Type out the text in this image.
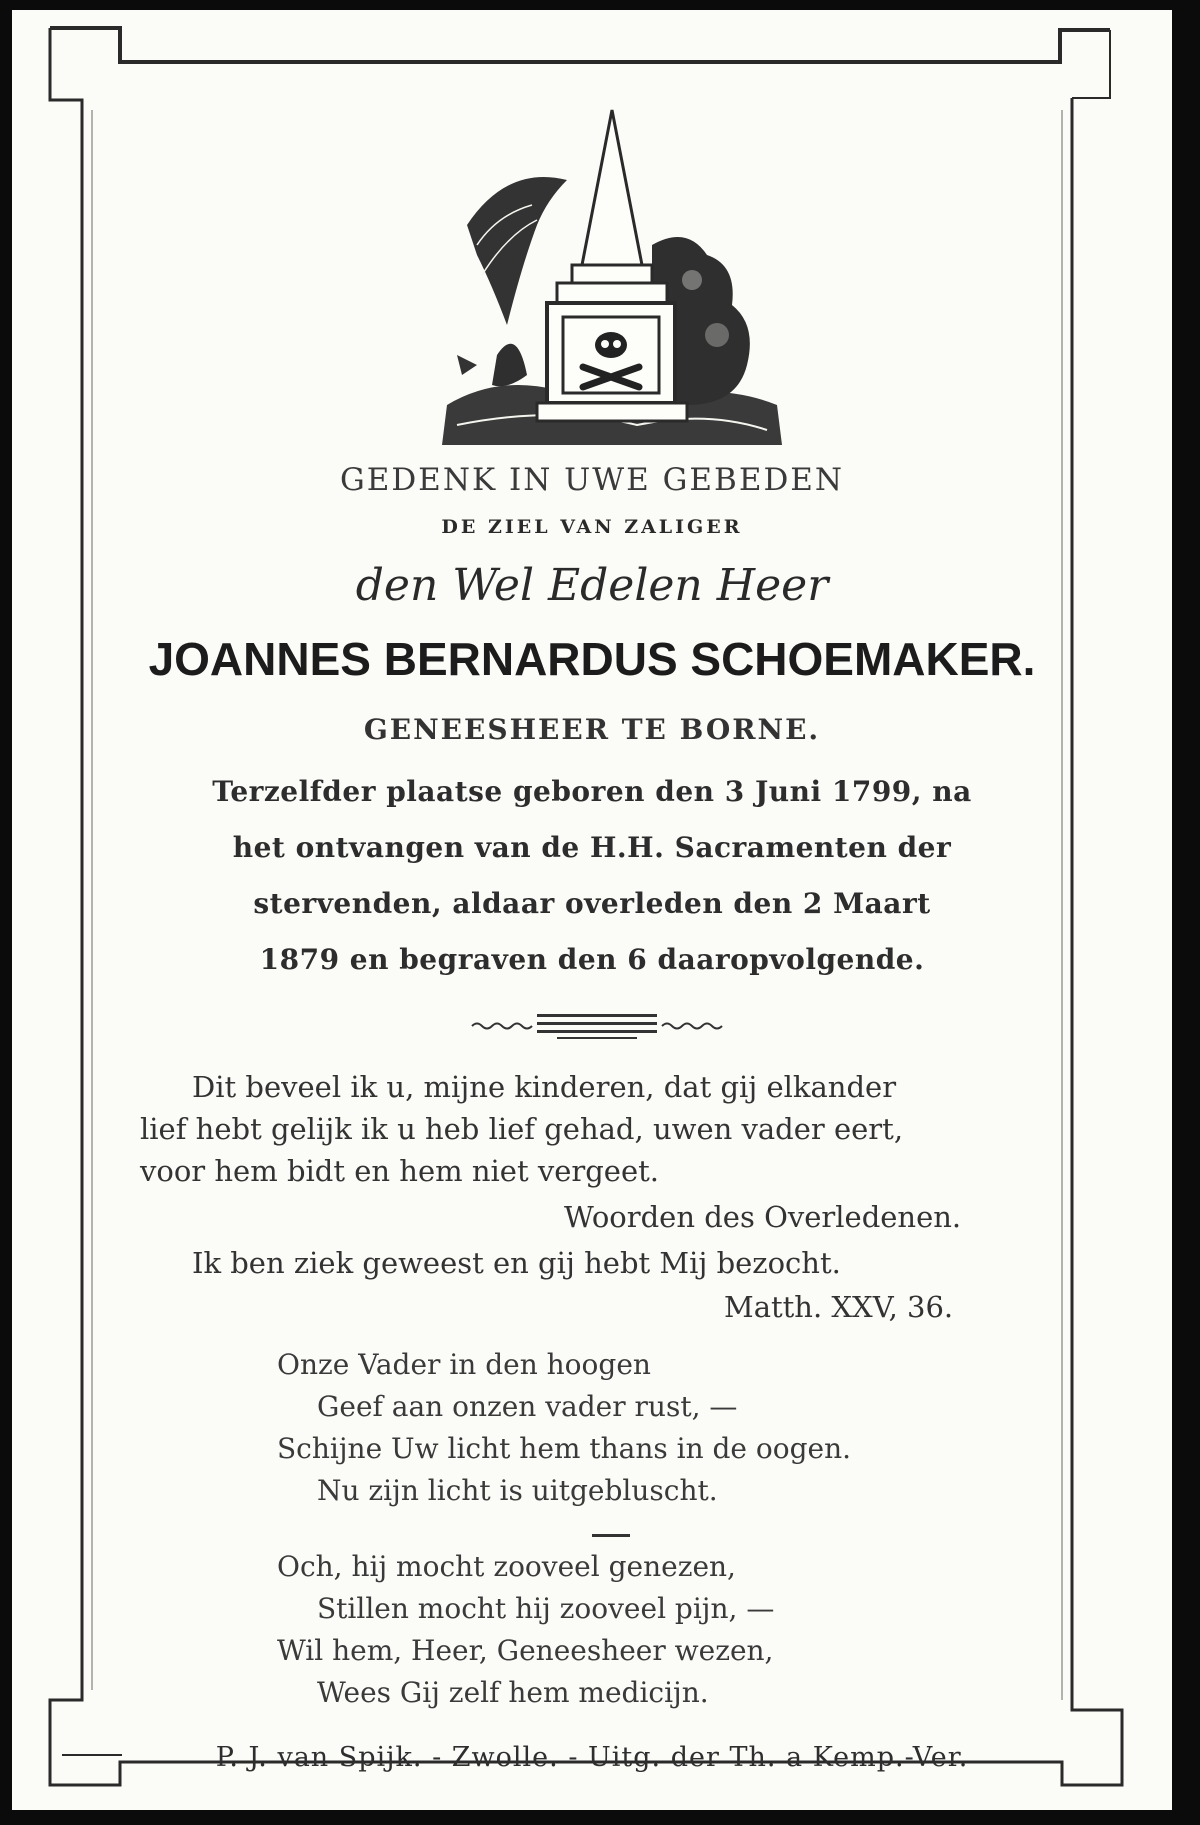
GEDENK IN UWE GEBEDEN
DE ZIEL VAN ZALIGER
den Wel Edelen Heer
JOANNES BERNARDUS SCHOEMAKER.
GENEESHEER TE BORNE.
Terzelfder plaatse geboren den 3 Juni 1799, na
het ontvangen van de H.H. Sacramenten der
stervenden, aldaar overleden den 2 Maart
1879 en begraven den 6 daaropvolgende.
Dit beveel ik u, mijne kinderen, dat gij elkander
lief hebt gelijk ik u heb lief gehad, uwen vader eert,
voor hem bidt en hem niet vergeet.
Woorden des Overledenen.
Ik ben ziek geweest en gij hebt Mij bezocht.
Matth. XXV, 36.
Onze Vader in den hoogen
Geef aan onzen vader rust, —
Schijne Uw licht hem thans in de oogen.
Nu zijn licht is uitgebluscht.
Och, hij mocht zooveel genezen,
Stillen mocht hij zooveel pijn, —
Wil hem, Heer, Geneesheer wezen,
Wees Gij zelf hem medicijn.
P. J. van Spijk. - Zwolle. - Uitg. der Th. a Kemp.-Ver.
